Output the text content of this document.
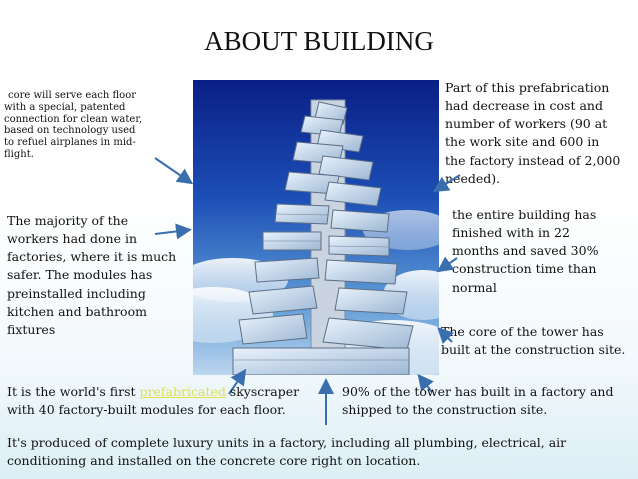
ABOUT BUILDING
core will serve each floor
with a special, patented
connection for clean water,
based on technology used
to refuel airplanes in mid-
flight.
The majority of the
workers had done in
factories, where it is much
safer. The modules has
preinstalled including
kitchen and bathroom
fixtures
Part of this prefabrication
had decrease in cost and
number of workers (90 at
the work site and 600 in
the factory instead of 2,000
needed).
the entire building has
finished with in 22
months and saved 30%
construction time than
normal
The core of the tower has
built at the construction site.
It is the world's first prefabricated skyscraper
with 40 factory-built modules for each floor.
90% of the tower has built in a factory and
shipped to the construction site.
It's produced of complete luxury units in a factory, including all plumbing, electrical, air
conditioning and installed on the concrete core right on location.
